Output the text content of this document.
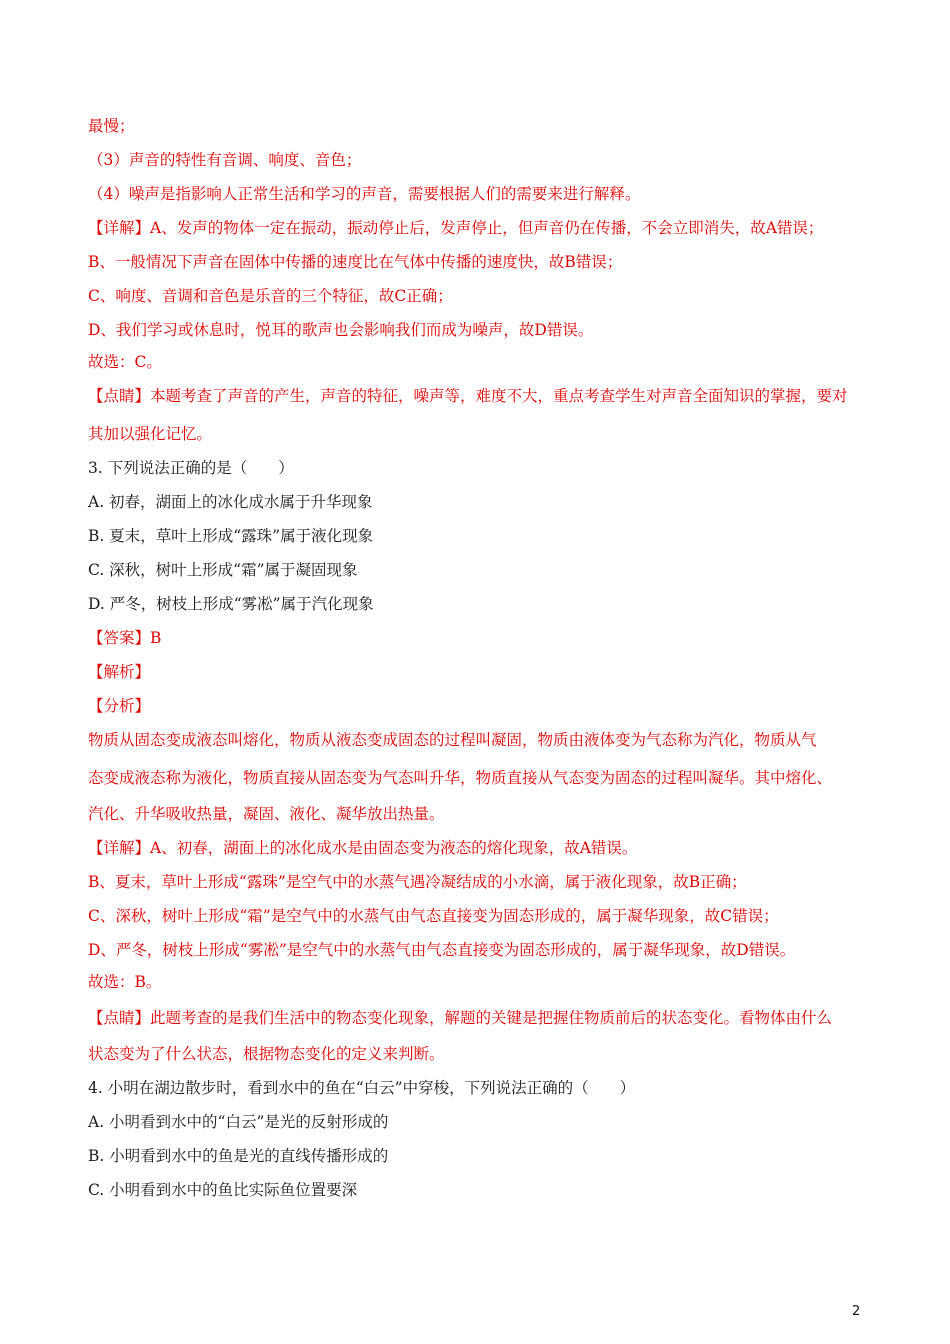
最慢；
（3）声音的特性有音调、响度、音色；
（4）噪声是指影响人正常生活和学习的声音，需要根据人们的需要来进行解释。
【详解】A、发声的物体一定在振动，振动停止后，发声停止，但声音仍在传播，不会立即消失，故A错误；
B、一般情况下声音在固体中传播的速度比在气体中传播的速度快，故B错误；
C、响度、音调和音色是乐音的三个特征，故C正确；
D、我们学习或休息时，悦耳的歌声也会影响我们而成为噪声，故D错误。
故选：C。
【点睛】本题考查了声音的产生，声音的特征，噪声等，难度不大，重点考查学生对声音全面知识的掌握，要对
其加以强化记忆。
3. 下列说法正确的是（　　）
A. 初春，湖面上的冰化成水属于升华现象
B. 夏末，草叶上形成“露珠”属于液化现象
C. 深秋，树叶上形成“霜”属于凝固现象
D. 严冬，树枝上形成“雾凇”属于汽化现象
【答案】B
【解析】
【分析】
物质从固态变成液态叫熔化，物质从液态变成固态的过程叫凝固，物质由液体变为气态称为汽化，物质从气
态变成液态称为液化，物质直接从固态变为气态叫升华，物质直接从气态变为固态的过程叫凝华。其中熔化、
汽化、升华吸收热量，凝固、液化、凝华放出热量。
【详解】A、初春，湖面上的冰化成水是由固态变为液态的熔化现象，故A错误。
B、夏末，草叶上形成“露珠”是空气中的水蒸气遇冷凝结成的小水滴，属于液化现象，故B正确；
C、深秋，树叶上形成“霜”是空气中的水蒸气由气态直接变为固态形成的，属于凝华现象，故C错误；
D、严冬，树枝上形成“雾凇”是空气中的水蒸气由气态直接变为固态形成的，属于凝华现象，故D错误。
故选：B。
【点睛】此题考查的是我们生活中的物态变化现象，解题的关键是把握住物质前后的状态变化。看物体由什么
状态变为了什么状态，根据物态变化的定义来判断。
4. 小明在湖边散步时，看到水中的鱼在“白云”中穿梭，下列说法正确的（　　）
A. 小明看到水中的“白云”是光的反射形成的
B. 小明看到水中的鱼是光的直线传播形成的
C. 小明看到水中的鱼比实际鱼位置要深
2
